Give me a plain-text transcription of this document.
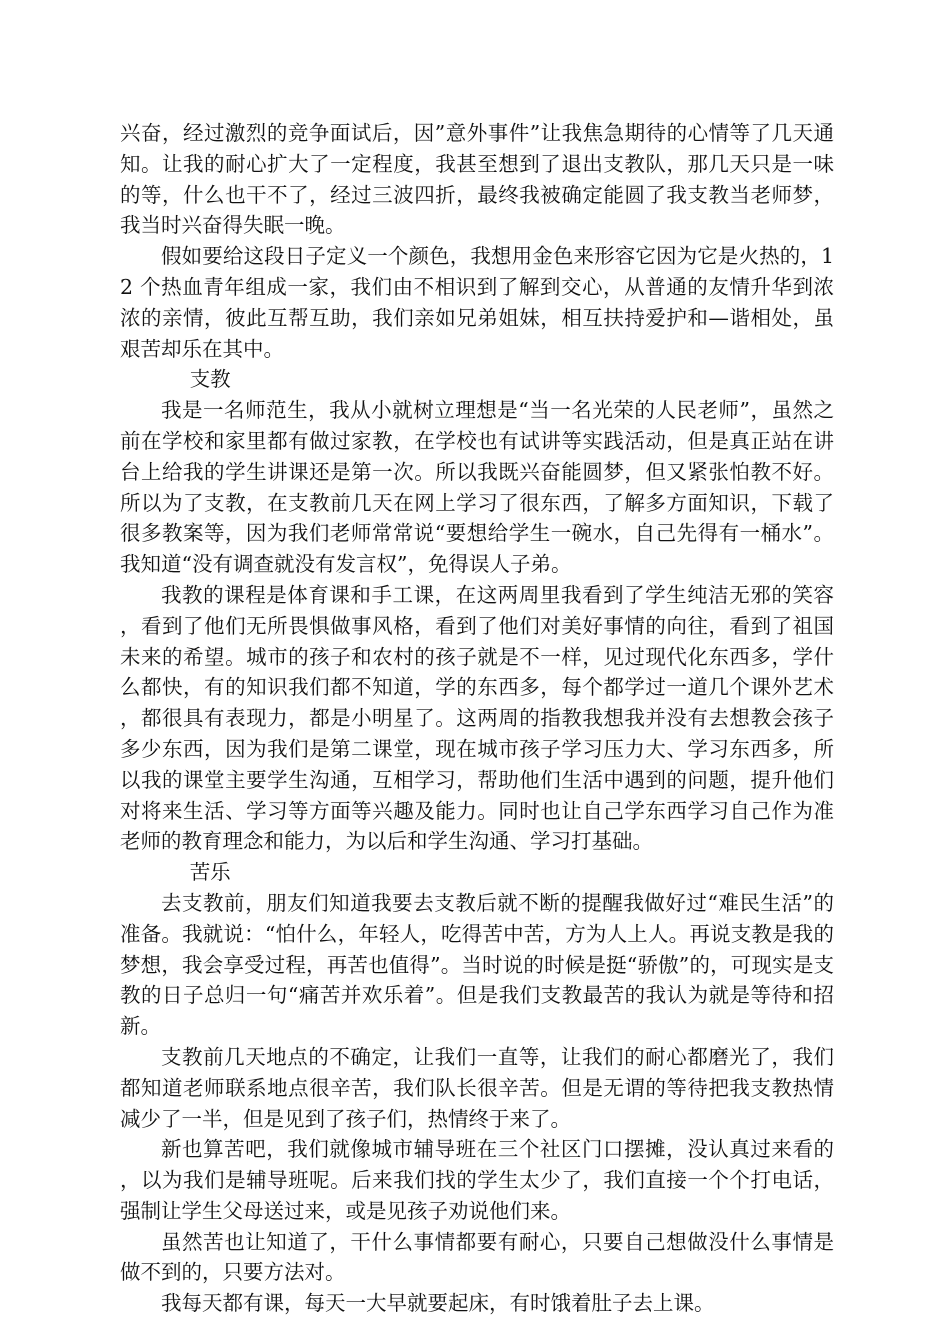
兴奋，经过激烈的竞争面试后，因”意外事件”让我焦急期待的心情等了几天通知。让我的耐心扩大了一定程度，我甚至想到了退出支教队，那几天只是一味的等，什么也干不了，经过三波四折，最终我被确定能圆了我支教当老师梦，我当时兴奋得失眠一晚。

假如要给这段日子定义一个颜色，我想用金色来形容它因为它是火热的，12 个热血青年组成一家，我们由不相识到了解到交心，从普通的友情升华到浓浓的亲情，彼此互帮互助，我们亲如兄弟姐妹，相互扶持爱护和—谐相处，虽艰苦却乐在其中。

支教

我是一名师范生，我从小就树立理想是“当一名光荣的人民老师”，虽然之前在学校和家里都有做过家教，在学校也有试讲等实践活动，但是真正站在讲台上给我的学生讲课还是第一次。所以我既兴奋能圆梦，但又紧张怕教不好。所以为了支教，在支教前几天在网上学习了很东西，了解多方面知识，下载了很多教案等，因为我们老师常常说“要想给学生一碗水，自己先得有一桶水”。我知道“没有调查就没有发言权”，免得误人子弟。

我教的课程是体育课和手工课，在这两周里我看到了学生纯洁无邪的笑容，看到了他们无所畏惧做事风格，看到了他们对美好事情的向往，看到了祖国未来的希望。城市的孩子和农村的孩子就是不一样，见过现代化东西多，学什么都快，有的知识我们都不知道，学的东西多，每个都学过一道几个课外艺术，都很具有表现力，都是小明星了。这两周的指教我想我并没有去想教会孩子多少东西，因为我们是第二课堂，现在城市孩子学习压力大、学习东西多，所以我的课堂主要学生沟通，互相学习，帮助他们生活中遇到的问题，提升他们对将来生活、学习等方面等兴趣及能力。同时也让自己学东西学习自己作为准老师的教育理念和能力，为以后和学生沟通、学习打基础。

苦乐

去支教前，朋友们知道我要去支教后就不断的提醒我做好过“难民生活”的准备。我就说：“怕什么，年轻人，吃得苦中苦，方为人上人。再说支教是我的梦想，我会享受过程，再苦也值得”。当时说的时候是挺“骄傲”的，可现实是支教的日子总归一句“痛苦并欢乐着”。但是我们支教最苦的我认为就是等待和招新。

支教前几天地点的不确定，让我们一直等，让我们的耐心都磨光了，我们都知道老师联系地点很辛苦，我们队长很辛苦。但是无谓的等待把我支教热情减少了一半，但是见到了孩子们，热情终于来了。

新也算苦吧，我们就像城市辅导班在三个社区门口摆摊，没认真过来看的，以为我们是辅导班呢。后来我们找的学生太少了，我们直接一个个打电话，强制让学生父母送过来，或是见孩子劝说他们来。

虽然苦也让知道了，干什么事情都要有耐心，只要自己想做没什么事情是做不到的，只要方法对。

我每天都有课，每天一大早就要起床，有时饿着肚子去上课。
